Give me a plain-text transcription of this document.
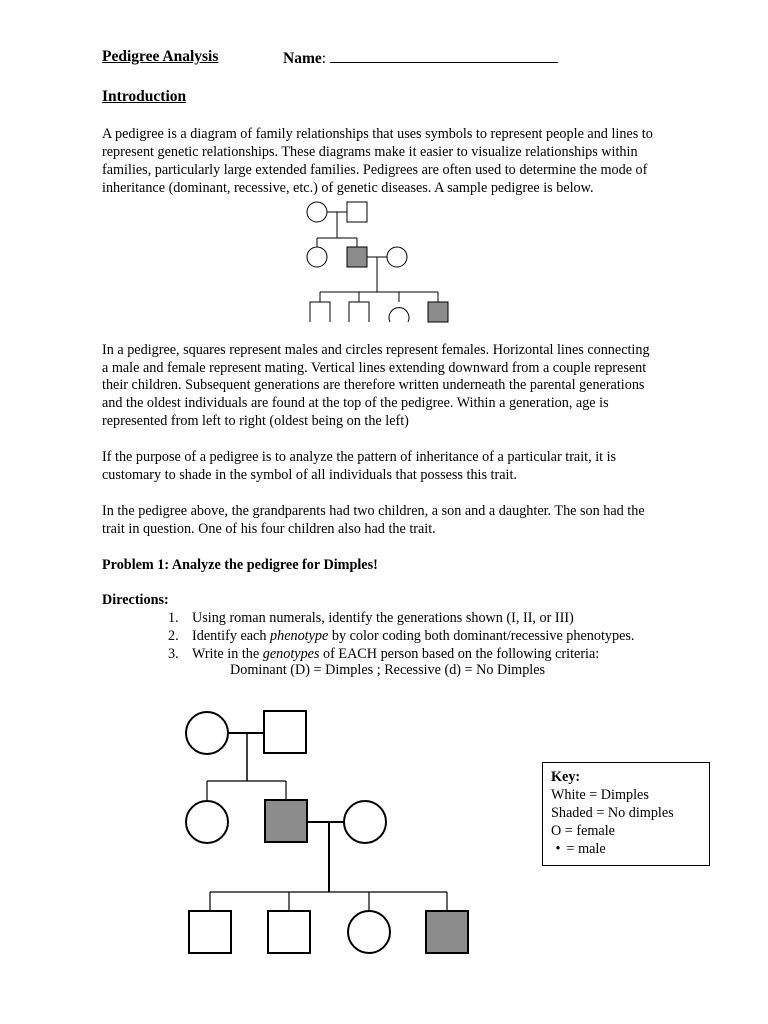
Pedigree Analysis	Name:
Introduction
A pedigree is a diagram of family relationships that uses symbols to represent people and lines to
represent genetic relationships. These diagrams make it easier to visualize relationships within
families, particularly large extended families. Pedigrees are often used to determine the mode of
inheritance (dominant, recessive, etc.) of genetic diseases. A sample pedigree is below.
In a pedigree, squares represent males and circles represent females. Horizontal lines connecting
a male and female represent mating. Vertical lines extending downward from a couple represent
their children. Subsequent generations are therefore written underneath the parental generations
and the oldest individuals are found at the top of the pedigree. Within a generation, age is
represented from left to right (oldest being on the left)
If the purpose of a pedigree is to analyze the pattern of inheritance of a particular trait, it is
customary to shade in the symbol of all individuals that possess this trait.
In the pedigree above, the grandparents had two children, a son and a daughter. The son had the
trait in question. One of his four children also had the trait.
Problem 1: Analyze the pedigree for Dimples!
Directions:
1. Using roman numerals, identify the generations shown (I, II, or III)
2. Identify each phenotype by color coding both dominant/recessive phenotypes.
3. Write in the genotypes of EACH person based on the following criteria:
Dominant (D) = Dimples ; Recessive (d) = No Dimples
Key:
White = Dimples
Shaded = No dimples
O = female
• = male
